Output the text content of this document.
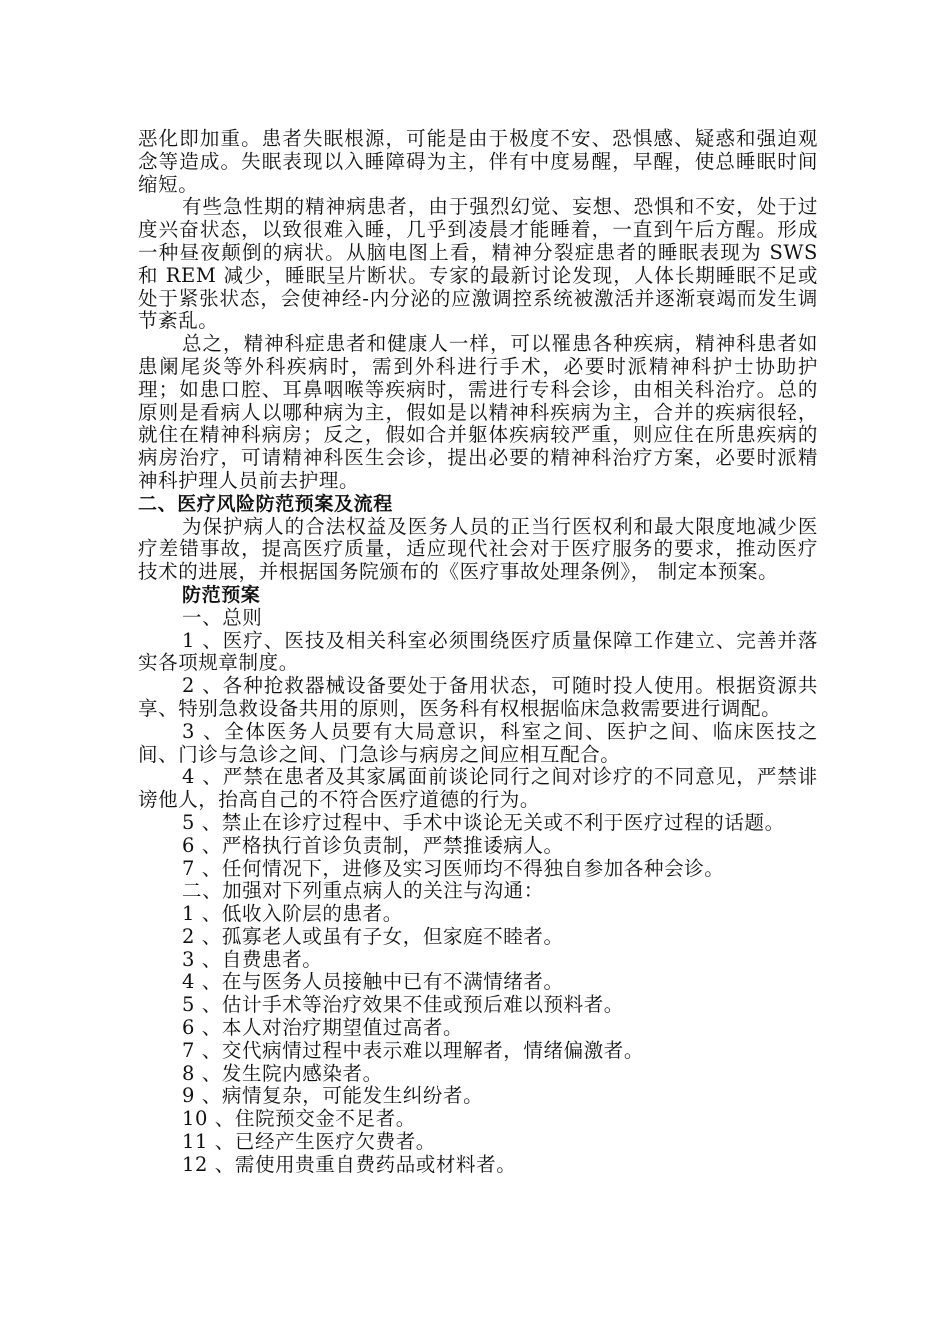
恶化即加重。患者失眠根源，可能是由于极度不安、恐惧感、疑惑和强迫观念等造成。失眠表现以入睡障碍为主，伴有中度易醒，早醒，使总睡眠时间缩短。

有些急性期的精神病患者，由于强烈幻觉、妄想、恐惧和不安，处于过度兴奋状态，以致很难入睡，几乎到凌晨才能睡着，一直到午后方醒。形成一种昼夜颠倒的病状。从脑电图上看，精神分裂症患者的睡眠表现为 SWS 和 REM 减少，睡眠呈片断状。专家的最新讨论发现，人体长期睡眠不足或处于紧张状态，会使神经-内分泌的应激调控系统被激活并逐渐衰竭而发生调节紊乱。

总之，精神科症患者和健康人一样，可以罹患各种疾病，精神科患者如患阑尾炎等外科疾病时，需到外科进行手术，必要时派精神科护士协助护理；如患口腔、耳鼻咽喉等疾病时，需进行专科会诊，由相关科治疗。总的原则是看病人以哪种病为主，假如是以精神科疾病为主，合并的疾病很轻，就住在精神科病房；反之，假如合并躯体疾病较严重，则应住在所患疾病的病房治疗，可请精神科医生会诊，提出必要的精神科治疗方案，必要时派精神科护理人员前去护理。

二、医疗风险防范预案及流程

为保护病人的合法权益及医务人员的正当行医权利和最大限度地减少医疗差错事故，提高医疗质量，适应现代社会对于医疗服务的要求，推动医疗技术的进展，并根据国务院颁布的《医疗事故处理条例》， 制定本预案。

防范预案

一、总则

1 、医疗、医技及相关科室必须围绕医疗质量保障工作建立、完善并落实各项规章制度。

2 、各种抢救器械设备要处于备用状态，可随时投人使用。根据资源共享、特别急救设备共用的原则，医务科有权根据临床急救需要进行调配。

3 、全体医务人员要有大局意识，科室之间、医护之间、临床医技之间、门诊与急诊之间、门急诊与病房之间应相互配合。

4 、严禁在患者及其家属面前谈论同行之间对诊疗的不同意见，严禁诽谤他人，抬高自己的不符合医疗道德的行为。

5 、禁止在诊疗过程中、手术中谈论无关或不利于医疗过程的话题。

6 、严格执行首诊负责制，严禁推诿病人。

7 、任何情况下，进修及实习医师均不得独自参加各种会诊。

二、加强对下列重点病人的关注与沟通：

1 、低收入阶层的患者。

2 、孤寡老人或虽有子女，但家庭不睦者。

3 、自费患者。

4 、在与医务人员接触中已有不满情绪者。

5 、估计手术等治疗效果不佳或预后难以预料者。

6 、本人对治疗期望值过高者。

7 、交代病情过程中表示难以理解者，情绪偏激者。

8 、发生院内感染者。

9 、病情复杂，可能发生纠纷者。

10 、住院预交金不足者。

11 、已经产生医疗欠费者。

12 、需使用贵重自费药品或材料者。
